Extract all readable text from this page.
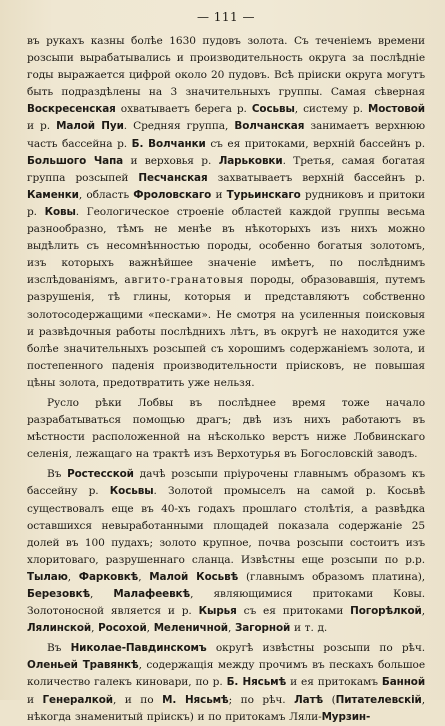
— 111 —

въ рукахъ казны болѣе 1630 пудовъ золота. Съ теченіемъ времени розсыпи вырабатывались и производительность округа за послѣдніе годы выражается цифрой около 20 пудовъ. Всѣ пріиски округа могутъ быть подраздѣлены на 3 значительныхъ группы. Самая сѣверная Воскресенская охватываетъ берега р. Сосьвы, систему р. Мостовой и р. Малой Пуи. Средняя группа, Волчанская занимаетъ верхнюю часть бассейна р. Б. Волчанки съ ея притоками, верхній бассейнъ р. Большого Чапа и верховья р. Ларьковки. Третья, самая богатая группа розсыпей Песчанская захватываетъ верхній бассейнъ р. Каменки, область Фроловскаго и Турьинскаго рудниковъ и притоки р. Ковы. Геологическое строеніе областей каждой группы весьма разнообразно, тѣмъ не менѣе въ нѣкоторыхъ изъ нихъ можно выдѣлить съ несомнѣнностью породы, особенно богатыя золотомъ, изъ которыхъ важнѣйшее значеніе имѣетъ, по послѣднимъ изслѣдованіямъ, авгито-гранатовыя породы, образовавшія, путемъ разрушенія, тѣ глины, которыя и представляютъ собственно золотосодержащими «песками». Не смотря на усиленныя поисковыя и развѣдочныя работы послѣднихъ лѣтъ, въ округѣ не находится уже болѣе значительныхъ розсыпей съ хорошимъ содержаніемъ золота, и постепенного паденія производительности пріисковъ, не повышая цѣны золота, предотвратить уже нельзя.

Русло рѣки Лобвы въ послѣднее время тоже начало разрабатываться помощью драгъ; двѣ изъ нихъ работаютъ въ мѣстности расположенной на нѣсколько верстъ ниже Лобвинскаго селенія, лежащаго на трактѣ изъ Верхотурья въ Богословскій заводъ.

Въ Ростесской дачѣ розсыпи пріурочены главнымъ образомъ къ бассейну р. Косьвы. Золотой промыселъ на самой р. Косьвѣ существовалъ еще въ 40-хъ годахъ прошлаго столѣтія, а развѣдка оставшихся невыработанными площадей показала содержаніе 25 долей въ 100 пудахъ; золото крупное, почва розсыпи состоитъ изъ хлоритоваго, разрушеннаго сланца. Извѣстны еще розсыпи по р.р. Тылаю, Фарковкѣ, Малой Косьвѣ (главнымъ образомъ платина), Березовкѣ, Малафеевкѣ, являющимися притоками Ковы. Золотоносной является и р. Кырья съ ея притоками Погорѣлкой, Лялинской, Росохой, Меленичной, Загорной и т. д.

Въ Николае-Павдинскомъ округѣ извѣстны розсыпи по рѣч. Оленьей Травянкѣ, содержащія между прочимъ въ пескахъ большое количество галекъ киновари, по р. Б. Нясьмѣ и ея притокамъ Банной и Генералкой, и по М. Нясьмѣ; по рѣч. Латѣ (Питателевскій, нѣкогда знаменитый пріискъ) и по притокамъ Ляли-Мурзин-
